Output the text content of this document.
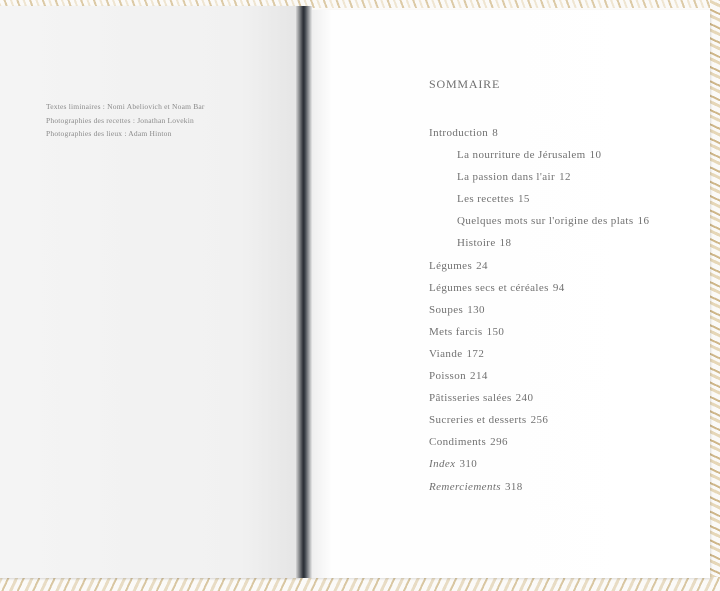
Textes liminaires : Nomi Abeliovich et Noam Bar
Photographies des recettes : Jonathan Lovekin
Photographies des lieux : Adam Hinton
SOMMAIRE
Introduction 8
La nourriture de Jérusalem 10
La passion dans l'air 12
Les recettes 15
Quelques mots sur l'origine des plats 16
Histoire 18
Légumes 24
Légumes secs et céréales 94
Soupes 130
Mets farcis 150
Viande 172
Poisson 214
Pâtisseries salées 240
Sucreries et desserts 256
Condiments 296
Index 310
Remerciements 318
